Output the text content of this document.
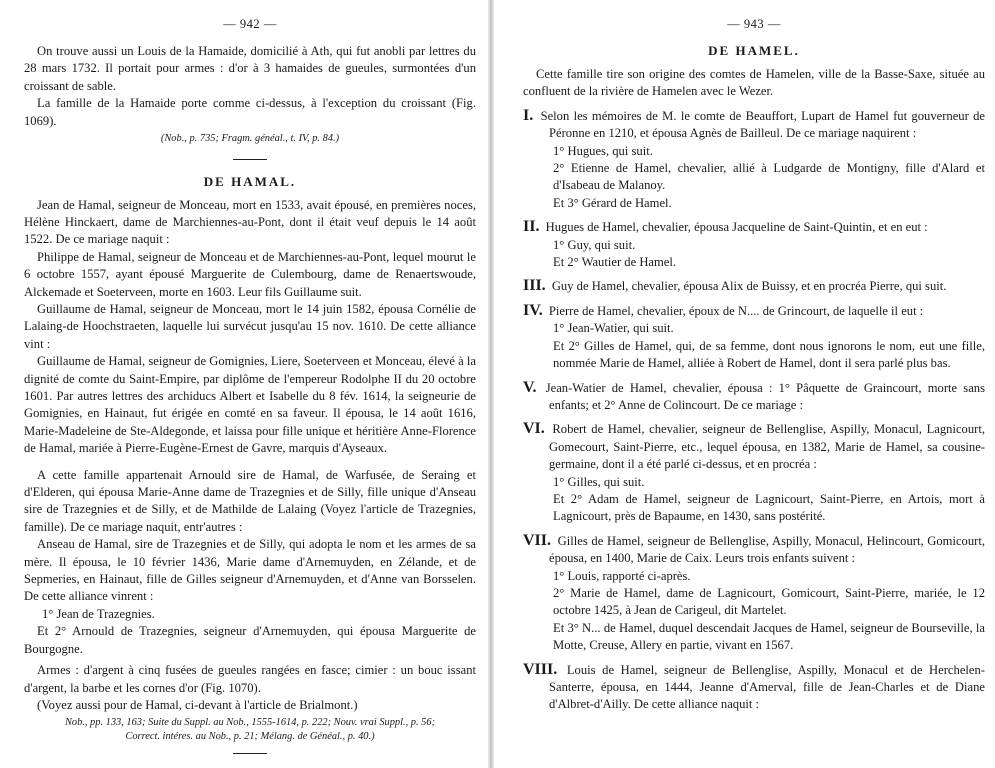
— 942 —

On trouve aussi un Louis de la Hamaide, domicilié à Ath, qui fut anobli par lettres du 28 mars 1732. Il portait pour armes : d'or à 3 hamaides de gueules, surmontées d'un croissant de sable.

La famille de la Hamaide porte comme ci-dessus, à l'exception du croissant (Fig. 1069).

(Nob., p. 735; Fragm. généal., t. IV, p. 84.)

DE HAMAL.

Jean de Hamal, seigneur de Monceau, mort en 1533, avait épousé, en premières noces, Hélène Hinckaert, dame de Marchiennes-au-Pont, dont il était veuf depuis le 14 août 1522. De ce mariage naquit :

Philippe de Hamal, seigneur de Monceau et de Marchiennes-au-Pont, lequel mourut le 6 octobre 1557, ayant épousé Marguerite de Culembourg, dame de Renaertswoude, Alckemade et Soeterveen, morte en 1603. Leur fils Guillaume suit.

Guillaume de Hamal, seigneur de Monceau, mort le 14 juin 1582, épousa Cornélie de Lalaing-de Hoochstraeten, laquelle lui survécut jusqu'au 15 nov. 1610. De cette alliance vint :

Guillaume de Hamal, seigneur de Gomignies, Liere, Soeterveen et Monceau, élevé à la dignité de comte du Saint-Empire, par diplôme de l'empereur Rodolphe II du 20 octobre 1601. Par autres lettres des archiducs Albert et Isabelle du 8 fév. 1614, la seigneurie de Gomignies, en Hainaut, fut érigée en comté en sa faveur. Il épousa, le 14 août 1616, Marie-Madeleine de Ste-Aldegonde, et laissa pour fille unique et héritière Anne-Florence de Hamal, mariée à Pierre-Eugène-Ernest de Gavre, marquis d'Ayseaux.

A cette famille appartenait Arnould sire de Hamal, de Warfusée, de Seraing et d'Elderen, qui épousa Marie-Anne dame de Trazegnies et de Silly, fille unique d'Anseau sire de Trazegnies et de Silly, et de Mathilde de Lalaing (Voyez l'article de Trazegnies, famille). De ce mariage naquit, entr'autres :

Anseau de Hamal, sire de Trazegnies et de Silly, qui adopta le nom et les armes de sa mère. Il épousa, le 10 février 1436, Marie dame d'Arnemuyden, en Zélande, et de Sepmeries, en Hainaut, fille de Gilles seigneur d'Arnemuyden, et d'Anne van Borsselen. De cette alliance vinrent :

1° Jean de Trazegnies.

Et 2° Arnould de Trazegnies, seigneur d'Arnemuyden, qui épousa Marguerite de Bourgogne.

Armes : d'argent à cinq fusées de gueules rangées en fasce; cimier : un bouc issant d'argent, la barbe et les cornes d'or (Fig. 1070).

(Voyez aussi pour de Hamal, ci-devant à l'article de Brialmont.)

Nob., pp. 133, 163; Suite du Suppl. au Nob., 1555-1614, p. 222; Nouv. vrai Suppl., p. 56;

Correct. intéres. au Nob., p. 21; Mélang. de Généal., p. 40.)

— 943 —
DE HAMEL.

Cette famille tire son origine des comtes de Hamelen, ville de la Basse-Saxe, située au confluent de la rivière de Hamelen avec le Wezer.

I. Selon les mémoires de M. le comte de Beauffort, Lupart de Hamel fut gouverneur de Péronne en 1210, et épousa Agnès de Bailleul. De ce mariage naquirent :

1° Hugues, qui suit.

2° Etienne de Hamel, chevalier, allié à Ludgarde de Montigny, fille d'Alard et d'Isabeau de Malanoy.

Et 3° Gérard de Hamel.

II. Hugues de Hamel, chevalier, épousa Jacqueline de Saint-Quintin, et en eut :

1° Guy, qui suit.

Et 2° Wautier de Hamel.

III. Guy de Hamel, chevalier, épousa Alix de Buissy, et en procréa Pierre, qui suit.

IV. Pierre de Hamel, chevalier, époux de N.... de Grincourt, de laquelle il eut :

1° Jean-Watier, qui suit.

Et 2° Gilles de Hamel, qui, de sa femme, dont nous ignorons le nom, eut une fille, nommée Marie de Hamel, alliée à Robert de Hamel, dont il sera parlé plus bas.

V. Jean-Watier de Hamel, chevalier, épousa : 1° Pâquette de Graincourt, morte sans enfants; et 2° Anne de Colincourt. De ce mariage :

VI. Robert de Hamel, chevalier, seigneur de Bellenglise, Aspilly, Monacul, Lagnicourt, Gomecourt, Saint-Pierre, etc., lequel épousa, en 1382, Marie de Hamel, sa cousine-germaine, dont il a été parlé ci-dessus, et en procréa :

1° Gilles, qui suit.

Et 2° Adam de Hamel, seigneur de Lagnicourt, Saint-Pierre, en Artois, mort à Lagnicourt, près de Bapaume, en 1430, sans postérité.

VII. Gilles de Hamel, seigneur de Bellenglise, Aspilly, Monacul, Helincourt, Gomicourt, épousa, en 1400, Marie de Caix. Leurs trois enfants suivent :

1° Louis, rapporté ci-après.

2° Marie de Hamel, dame de Lagnicourt, Gomicourt, Saint-Pierre, mariée, le 12 octobre 1425, à Jean de Carigeul, dit Martelet.

Et 3° N... de Hamel, duquel descendait Jacques de Hamel, seigneur de Bourseville, la Motte, Creuse, Allery en partie, vivant en 1567.

VIII. Louis de Hamel, seigneur de Bellenglise, Aspilly, Monacul et de Herchelen-Santerre, épousa, en 1444, Jeanne d'Amerval, fille de Jean-Charles et de Diane d'Albret-d'Ailly. De cette alliance naquit :
